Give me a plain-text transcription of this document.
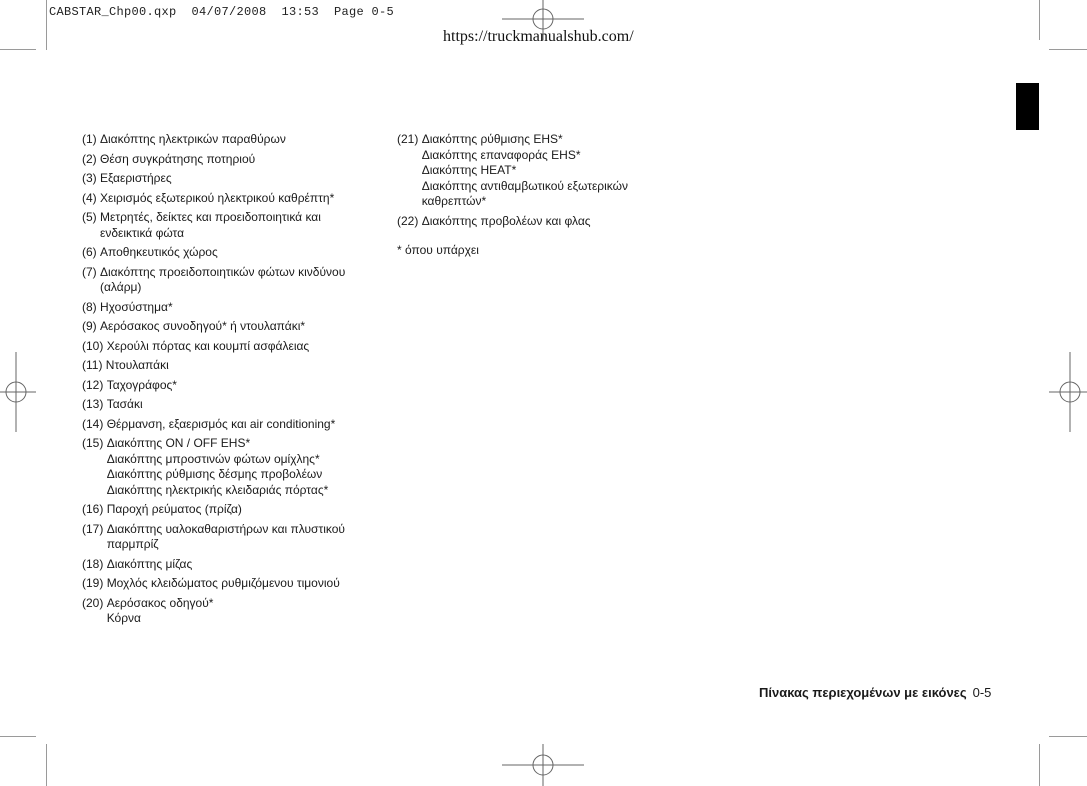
CABSTAR_Chp00.qxp  04/07/2008  13:53  Page 0-5
https://truckmanualshub.com/
(1) Διακόπτης ηλεκτρικών παραθύρων
(2) Θέση συγκράτησης ποτηριού
(3) Εξαεριστήρες
(4) Χειρισμός εξωτερικού ηλεκτρικού καθρέπτη*
(5) Μετρητές, δείκτες και προειδοποιητικά και
ενδεικτικά φώτα
(6) Αποθηκευτικός χώρος
(7) Διακόπτης προειδοποιητικών φώτων κινδύνου
(αλάρμ)
(8) Ηχοσύστημα*
(9) Αερόσακος συνοδηγού* ή ντουλαπάκι*
(10) Χερούλι πόρτας και κουμπί ασφάλειας
(11) Ντουλαπάκι
(12) Ταχογράφος*
(13) Τασάκι
(14) Θέρμανση, εξαερισμός και air conditioning*
(15) Διακόπτης ON / OFF EHS*
Διακόπτης μπροστινών φώτων ομίχλης*
Διακόπτης ρύθμισης δέσμης προβολέων
Διακόπτης ηλεκτρικής κλειδαριάς πόρτας*
(16) Παροχή ρεύματος (πρίζα)
(17) Διακόπτης υαλοκαθαριστήρων και πλυστικού
παρμπρίζ
(18) Διακόπτης μίζας
(19) Μοχλός κλειδώματος ρυθμιζόμενου τιμονιού
(20) Αερόσακος οδηγού*
Κόρνα
(21) Διακόπτης ρύθμισης EHS*
Διακόπτης επαναφοράς EHS*
Διακόπτης HEAT*
Διακόπτης αντιθαμβωτικού εξωτερικών
καθρεπτών*
(22) Διακόπτης προβολέων και φλας
* όπου υπάρχει
Πίνακας περιεχομένων με εικόνες 0-5
